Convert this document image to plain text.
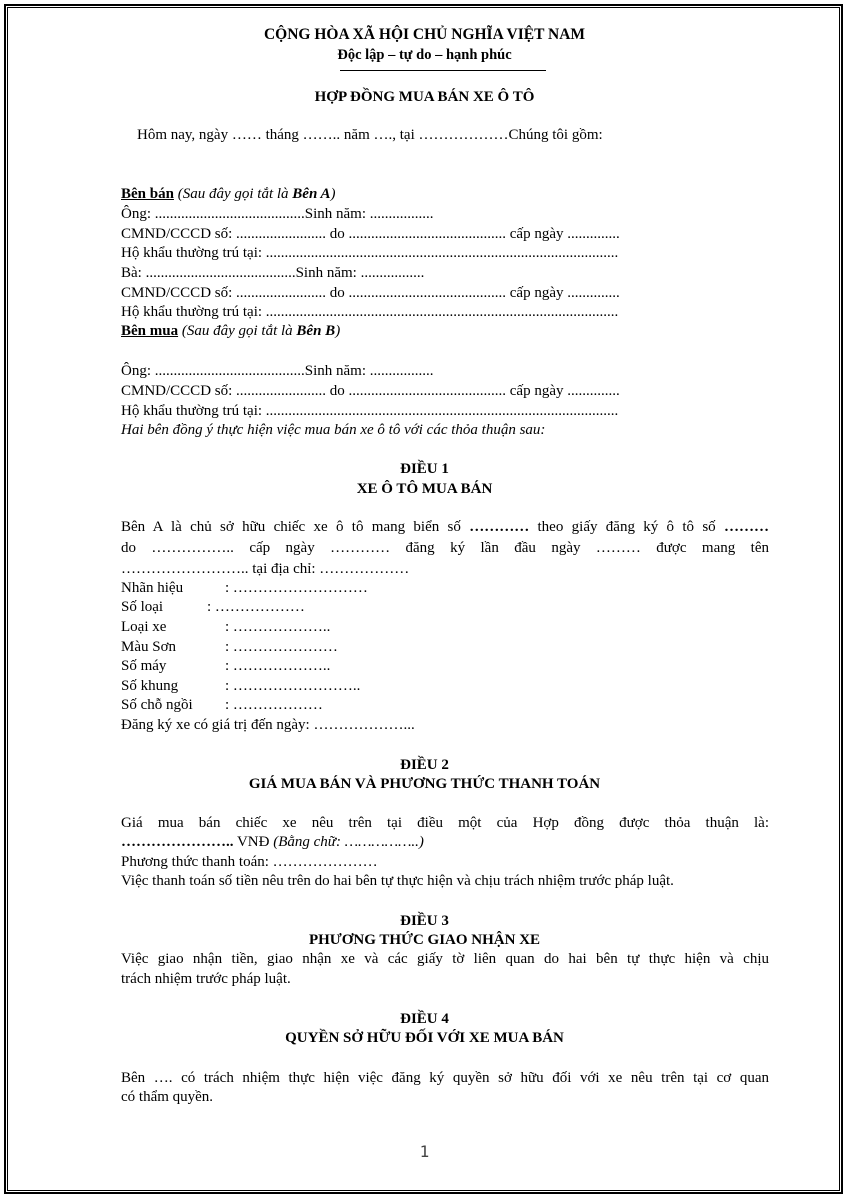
CỘNG HÒA XÃ HỘI CHỦ NGHĨA VIỆT NAM
Độc lập – tự do – hạnh phúc
HỢP ĐỒNG MUA BÁN XE Ô TÔ
Hôm nay, ngày …… tháng …….. năm …., tại ………………Chúng tôi gồm:
Bên bán (Sau đây gọi tắt là Bên A)
Ông: ........................................Sinh năm: .................
CMND/CCCD số: ........................ do .......................................... cấp ngày ..............
Hộ khẩu thường trú tại: ..............................................................................................
Bà: ........................................Sinh năm: .................
CMND/CCCD số: ........................ do .......................................... cấp ngày ..............
Hộ khẩu thường trú tại: ..............................................................................................
Bên mua (Sau đây gọi tắt là Bên B)
Ông: ........................................Sinh năm: .................
CMND/CCCD số: ........................ do .......................................... cấp ngày ..............
Hộ khẩu thường trú tại: ..............................................................................................
Hai bên đồng ý thực hiện việc mua bán xe ô tô với các thỏa thuận sau:
ĐIỀU 1
XE Ô TÔ MUA BÁN
Bên A là chủ sở hữu chiếc xe ô tô mang biển số ………… theo giấy đăng ký ô tô số ………
do …………….. cấp ngày ………… đăng ký lần đầu ngày ……… được mang tên
…………………….. tại địa chỉ: ………………
Nhãn hiệu	: ………………………
Số loại	: ………………
Loại xe	: ………………..
Màu Sơn	: …………………
Số máy	: ………………..
Số khung	: ……………………..
Số chỗ ngồi : ………………
Đăng ký xe có giá trị đến ngày: ………………...
ĐIỀU 2
GIÁ MUA BÁN VÀ PHƯƠNG THỨC THANH TOÁN
Giá mua bán chiếc xe nêu trên tại điều một của Hợp đồng được thỏa thuận là:
………………….. VNĐ (Bằng chữ: ……………..)
Phương thức thanh toán: …………………
Việc thanh toán số tiền nêu trên do hai bên tự thực hiện và chịu trách nhiệm trước pháp luật.
ĐIỀU 3
PHƯƠNG THỨC GIAO NHẬN XE
Việc giao nhận tiền, giao nhận xe và các giấy tờ liên quan do hai bên tự thực hiện và chịu
trách nhiệm trước pháp luật.
ĐIỀU 4
QUYỀN SỞ HỮU ĐỐI VỚI XE MUA BÁN
Bên …. có trách nhiệm thực hiện việc đăng ký quyền sở hữu đối với xe nêu trên tại cơ quan
có thẩm quyền.
1
